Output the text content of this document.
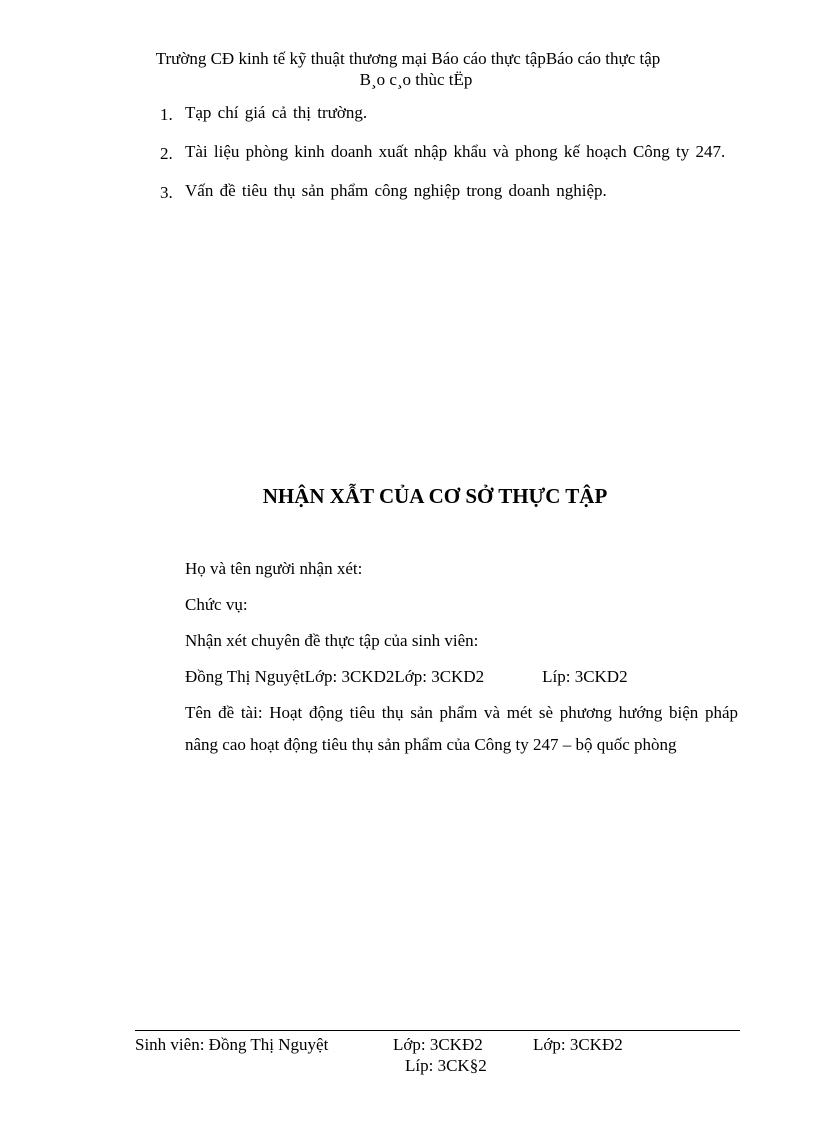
Trường CĐ kinh tế kỹ thuật thương mại Báo cáo thực tậpBáo cáo thực tập
B¸o c¸o thùc tËp
1. Tạp chí giá cả thị trường.
2. Tài liệu phòng kinh doanh xuất nhập khẩu và phong kế hoạch Công ty 247.
3. Vấn đề tiêu thụ sản phẩm công nghiệp trong doanh nghiệp.
NHẬN XẪT CỦA CƠ SỞ THỰC TẬP
Họ và tên người nhận xét:
Chức vụ:
Nhận xét chuyên đề thực tập của sinh viên:
Đồng Thị NguyệtLớp: 3CKD2Lớp: 3CKD2	Líp: 3CKD2
Tên đề tài: Hoạt động tiêu thụ sản phẩm và mét sè phương hướng biện pháp nâng cao hoạt động tiêu thụ sản phẩm của Công ty 247 – bộ quốc phòng
Sinh viên: Đồng Thị Nguyệt	Lớp: 3CKĐ2	Lớp: 3CKĐ2
Líp: 3CK§2
